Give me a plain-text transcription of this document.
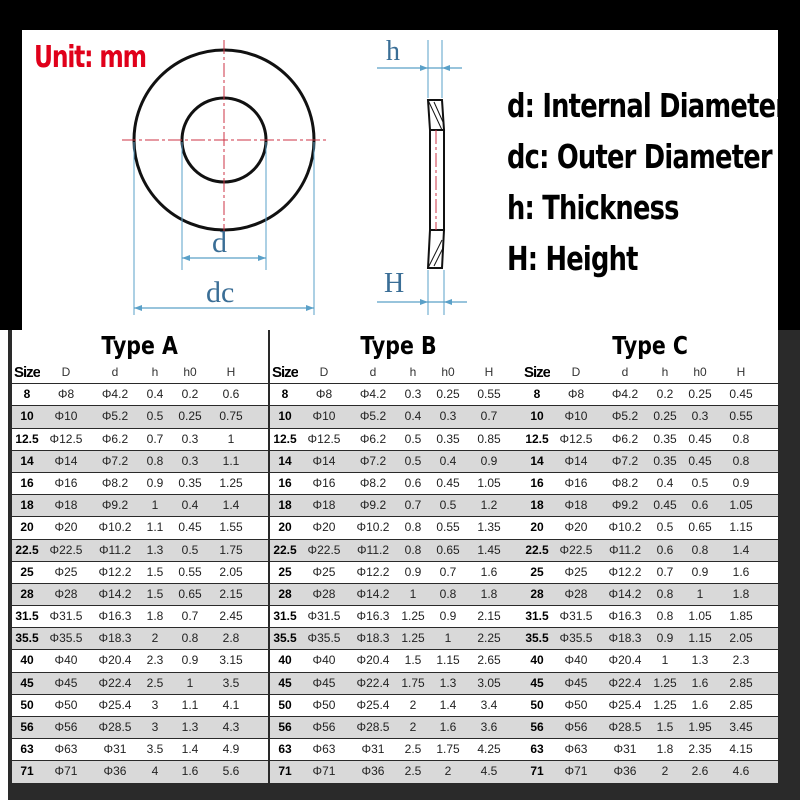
Unit: mm
d
dc
h
H
d: Internal Diameter
dc: Outer Diameter
h: Thickness
H: Height
Type A
Size	D	d	h	h0	H
8	Φ8	Φ4.2	0.4	0.2	0.6
10	Φ10	Φ5.2	0.5	0.25	0.75
12.5 Φ12.5	Φ6.2	0.7	0.3	1
14	Φ14	Φ7.2	0.8	0.3	1.1
16	Φ16	Φ8.2	0.9	0.35	1.25
18	Φ18	Φ9.2	1	0.4	1.4
20	Φ20	Φ10.2	1.1	0.45	1.55
22.5 Φ22.5	Φ11.2	1.3	0.5	1.75
25	Φ25	Φ12.2	1.5	0.55	2.05
28	Φ28	Φ14.2	1.5	0.65	2.15
31.5 Φ31.5	Φ16.3	1.8	0.7	2.45
35.5 Φ35.5	Φ18.3	2	0.8	2.8
40	Φ40	Φ20.4	2.3	0.9	3.15
45	Φ45	Φ22.4	2.5	1	3.5
50	Φ50	Φ25.4	3	1.1	4.1
56	Φ56	Φ28.5	3	1.3	4.3
63	Φ63	Φ31	3.5	1.4	4.9
71	Φ71	Φ36	4	1.6	5.6
Type B
Size	D	d	h	h0	H
8	Φ8	Φ4.2	0.3	0.25	0.55
10	Φ10	Φ5.2	0.4	0.3	0.7
12.5 Φ12.5	Φ6.2	0.5	0.35	0.85
14	Φ14	Φ7.2	0.5	0.4	0.9
16	Φ16	Φ8.2	0.6	0.45	1.05
18	Φ18	Φ9.2	0.7	0.5	1.2
20	Φ20	Φ10.2	0.8	0.55	1.35
22.5 Φ22.5	Φ11.2	0.8	0.65	1.45
25	Φ25	Φ12.2	0.9	0.7	1.6
28	Φ28	Φ14.2	1	0.8	1.8
31.5 Φ31.5	Φ16.3 1.25	0.9	2.15
35.5 Φ35.5	Φ18.3 1.25	1	2.25
40	Φ40	Φ20.4	1.5	1.15	2.65
45	Φ45	Φ22.4 1.75	1.3	3.05
50	Φ50	Φ25.4	2	1.4	3.4
56	Φ56	Φ28.5	2	1.6	3.6
63	Φ63	Φ31	2.5	1.75	4.25
71	Φ71	Φ36	2.5	2	4.5
Type C
Size	D	d	h	h0	H
8	Φ8	Φ4.2	0.2	0.25	0.45
10	Φ10	Φ5.2	0.25	0.3	0.55
12.5 Φ12.5	Φ6.2	0.35 0.45	0.8
14	Φ14	Φ7.2	0.35 0.45	0.8
16	Φ16	Φ8.2	0.4	0.5	0.9
18	Φ18	Φ9.2	0.45	0.6	1.05
20	Φ20	Φ10.2	0.5	0.65	1.15
22.5 Φ22.5	Φ11.2	0.6	0.8	1.4
25	Φ25	Φ12.2	0.7	0.9	1.6
28	Φ28	Φ14.2	0.8	1	1.8
31.5 Φ31.5	Φ16.3	0.8	1.05	1.85
35.5 Φ35.5	Φ18.3	0.9	1.15	2.05
40	Φ40	Φ20.4	1	1.3	2.3
45	Φ45	Φ22.4 1.25	1.6	2.85
50	Φ50	Φ25.4 1.25	1.6	2.85
56	Φ56	Φ28.5	1.5	1.95	3.45
63	Φ63	Φ31	1.8	2.35	4.15
71	Φ71	Φ36	2	2.6	4.6
